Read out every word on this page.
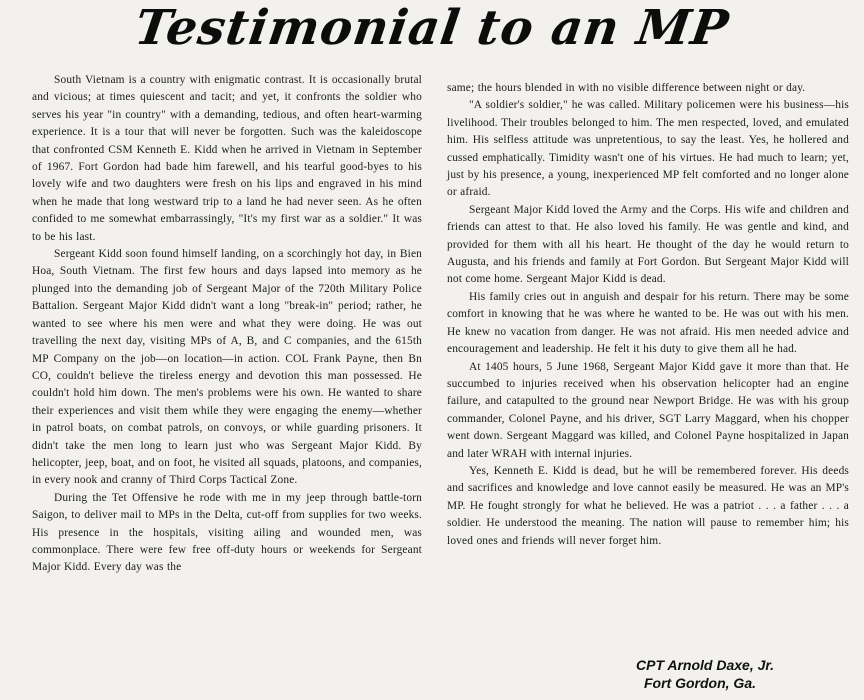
Testimonial to an MP

South Vietnam is a country with enigmatic contrast. It is occasionally brutal and vicious; at times quiescent and tacit; and yet, it confronts the soldier who serves his year "in country" with a demanding, tedious, and often heart-warming experience. It is a tour that will never be forgotten. Such was the kaleidoscope that confronted CSM Kenneth E. Kidd when he arrived in Vietnam in September of 1967. Fort Gordon had bade him farewell, and his tearful good-byes to his lovely wife and two daughters were fresh on his lips and engraved in his mind when he made that long westward trip to a land he had never seen. As he often confided to me somewhat embarrassingly, "It's my first war as a soldier." It was to be his last.

Sergeant Kidd soon found himself landing, on a scorchingly hot day, in Bien Hoa, South Vietnam. The first few hours and days lapsed into memory as he plunged into the demanding job of Sergeant Major of the 720th Military Police Battalion. Sergeant Major Kidd didn't want a long "break-in" period; rather, he wanted to see where his men were and what they were doing. He was out travelling the next day, visiting MPs of A, B, and C companies, and the 615th MP Company on the job—on location—in action. COL Frank Payne, then Bn CO, couldn't believe the tireless energy and devotion this man possessed. He couldn't hold him down. The men's problems were his own. He wanted to share their experiences and visit them while they were engaging the enemy—whether in patrol boats, on combat patrols, on convoys, or while guarding prisoners. It didn't take the men long to learn just who was Sergeant Major Kidd. By helicopter, jeep, boat, and on foot, he visited all squads, platoons, and companies, in every nook and cranny of Third Corps Tactical Zone.

During the Tet Offensive he rode with me in my jeep through battle-torn Saigon, to deliver mail to MPs in the Delta, cut-off from supplies for two weeks. His presence in the hospitals, visiting ailing and wounded men, was commonplace. There were few free off-duty hours or weekends for Sergeant Major Kidd. Every day was the

same; the hours blended in with no visible difference between night or day.

"A soldier's soldier," he was called. Military policemen were his business—his livelihood. Their troubles belonged to him. The men respected, loved, and emulated him. His selfless attitude was unpretentious, to say the least. Yes, he hollered and cussed emphatically. Timidity wasn't one of his virtues. He had much to learn; yet, just by his presence, a young, inexperienced MP felt comforted and no longer alone or afraid.

Sergeant Major Kidd loved the Army and the Corps. His wife and children and friends can attest to that. He also loved his family. He was gentle and kind, and provided for them with all his heart. He thought of the day he would return to Augusta, and his friends and family at Fort Gordon. But Sergeant Major Kidd will not come home. Sergeant Major Kidd is dead.

His family cries out in anguish and despair for his return. There may be some comfort in knowing that he was where he wanted to be. He was out with his men. He knew no vacation from danger. He was not afraid. His men needed advice and encouragement and leadership. He felt it his duty to give them all he had.

At 1405 hours, 5 June 1968, Sergeant Major Kidd gave it more than that. He succumbed to injuries received when his observation helicopter had an engine failure, and catapulted to the ground near Newport Bridge. He was with his group commander, Colonel Payne, and his driver, SGT Larry Maggard, when his chopper went down. Sergeant Maggard was killed, and Colonel Payne hospitalized in Japan and later WRAH with internal injuries.

Yes, Kenneth E. Kidd is dead, but he will be remembered forever. His deeds and sacrifices and knowledge and love cannot easily be measured. He was an MP's MP. He fought strongly for what he believed. He was a patriot . . . a father . . . a soldier. He understood the meaning. The nation will pause to remember him; his loved ones and friends will never forget him.

CPT Arnold Daxe, Jr.
Fort Gordon, Ga.
